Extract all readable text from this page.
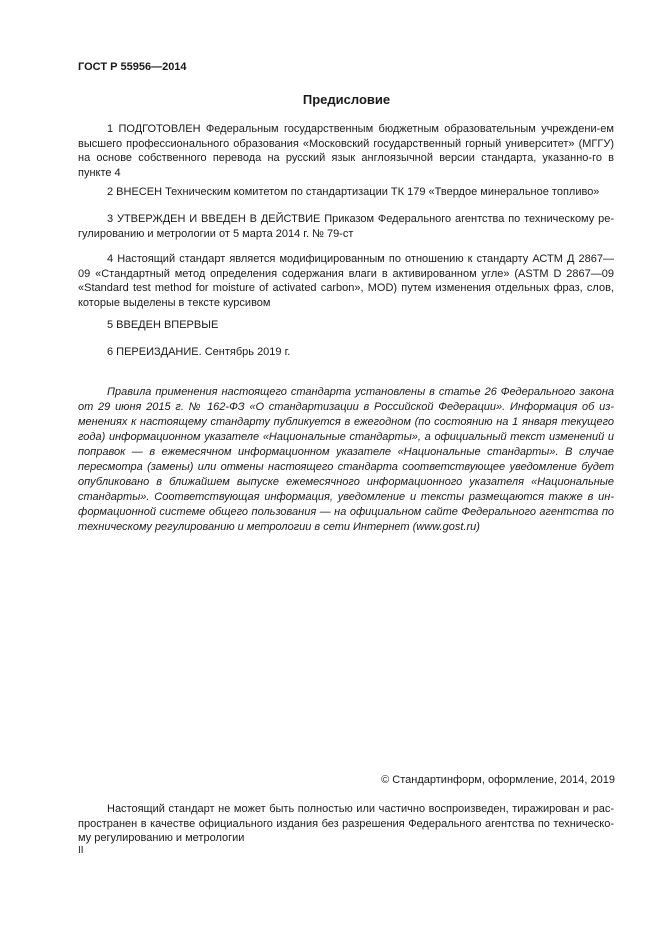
ГОСТ Р 55956—2014
Предисловие
1 ПОДГОТОВЛЕН Федеральным государственным бюджетным образовательным учреждени-ем высшего профессионального образования «Московский государственный горный университет» (МГГУ) на основе собственного перевода на русский язык англоязычной версии стандарта, указанно-го в пункте 4
2 ВНЕСЕН Техническим комитетом по стандартизации ТК 179 «Твердое минеральное топливо»
3 УТВЕРЖДЕН И ВВЕДЕН В ДЕЙСТВИЕ Приказом Федерального агентства по техническому ре-гулированию и метрологии от 5 марта 2014 г. № 79-ст
4 Настоящий стандарт является модифицированным по отношению к стандарту АСТМ Д 2867—09 «Стандартный метод определения содержания влаги в активированном угле» (ASTM D 2867—09 «Standard test method for moisture of activated carbon», MOD) путем изменения отдельных фраз, слов, которые выделены в тексте курсивом
5 ВВЕДЕН ВПЕРВЫЕ
6 ПЕРЕИЗДАНИЕ. Сентябрь 2019 г.
Правила применения настоящего стандарта установлены в статье 26 Федерального закона от 29 июня 2015 г. № 162-ФЗ «О стандартизации в Российской Федерации». Информация об из-менениях к настоящему стандарту публикуется в ежегодном (по состоянию на 1 января текущего года) информационном указателе «Национальные стандарты», а официальный текст изменений и поправок — в ежемесячном информационном указателе «Национальные стандарты». В случае пересмотра (замены) или отмены настоящего стандарта соответствующее уведомление будет опубликовано в ближайшем выпуске ежемесячного информационного указателя «Национальные стандарты». Соответствующая информация, уведомление и тексты размещаются также в ин-формационной системе общего пользования — на официальном сайте Федерального агентства по техническому регулированию и метрологии в сети Интернет (www.gost.ru)
© Стандартинформ, оформление, 2014, 2019
Настоящий стандарт не может быть полностью или частично воспроизведен, тиражирован и рас-пространен в качестве официального издания без разрешения Федерального агентства по техническо-му регулированию и метрологии
II
